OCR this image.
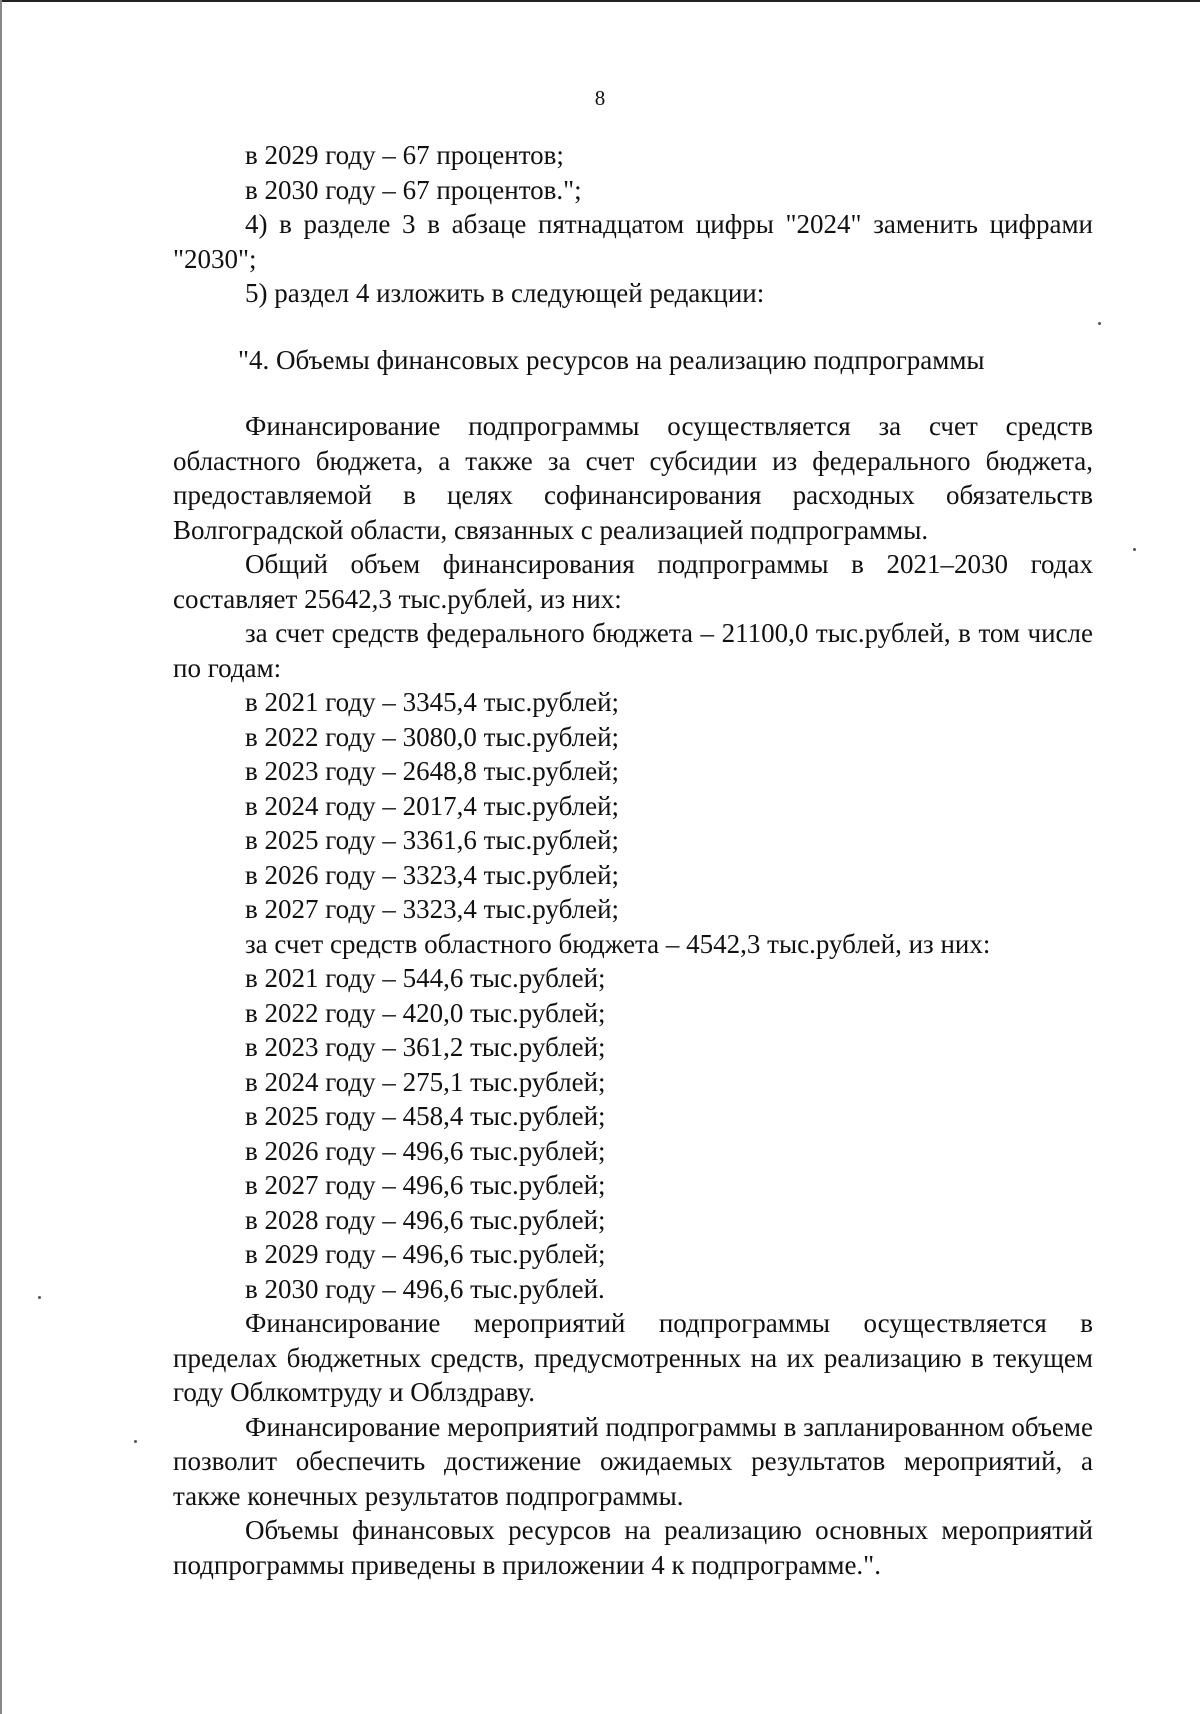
8

в 2029 году – 67 процентов;

в 2030 году – 67 процентов.";

4) в разделе 3 в абзаце пятнадцатом цифры "2024" заменить цифрами "2030";

5) раздел 4 изложить в следующей редакции:

"4. Объемы финансовых ресурсов на реализацию подпрограммы

Финансирование подпрограммы осуществляется за счет средств областного бюджета, а также за счет субсидии из федерального бюджета, предоставляемой в целях софинансирования расходных обязательств Волгоградской области, связанных с реализацией подпрограммы.

Общий объем финансирования подпрограммы в 2021–2030 годах составляет 25642,3 тыс.рублей, из них:

за счет средств федерального бюджета – 21100,0 тыс.рублей, в том числе по годам:

в 2021 году – 3345,4 тыс.рублей;

в 2022 году – 3080,0 тыс.рублей;

в 2023 году – 2648,8 тыс.рублей;

в 2024 году – 2017,4 тыс.рублей;

в 2025 году – 3361,6 тыс.рублей;

в 2026 году – 3323,4 тыс.рублей;

в 2027 году – 3323,4 тыс.рублей;

за счет средств областного бюджета – 4542,3 тыс.рублей, из них:

в 2021 году – 544,6 тыс.рублей;

в 2022 году – 420,0 тыс.рублей;

в 2023 году – 361,2 тыс.рублей;

в 2024 году – 275,1 тыс.рублей;

в 2025 году – 458,4 тыс.рублей;

в 2026 году – 496,6 тыс.рублей;

в 2027 году – 496,6 тыс.рублей;

в 2028 году – 496,6 тыс.рублей;

в 2029 году – 496,6 тыс.рублей;

в 2030 году – 496,6 тыс.рублей.

Финансирование мероприятий подпрограммы осуществляется в пределах бюджетных средств, предусмотренных на их реализацию в текущем году Облкомтруду и Облздраву.

Финансирование мероприятий подпрограммы в запланированном объеме позволит обеспечить достижение ожидаемых результатов мероприятий, а также конечных результатов подпрограммы.

Объемы финансовых ресурсов на реализацию основных мероприятий подпрограммы приведены в приложении 4 к подпрограмме.".
